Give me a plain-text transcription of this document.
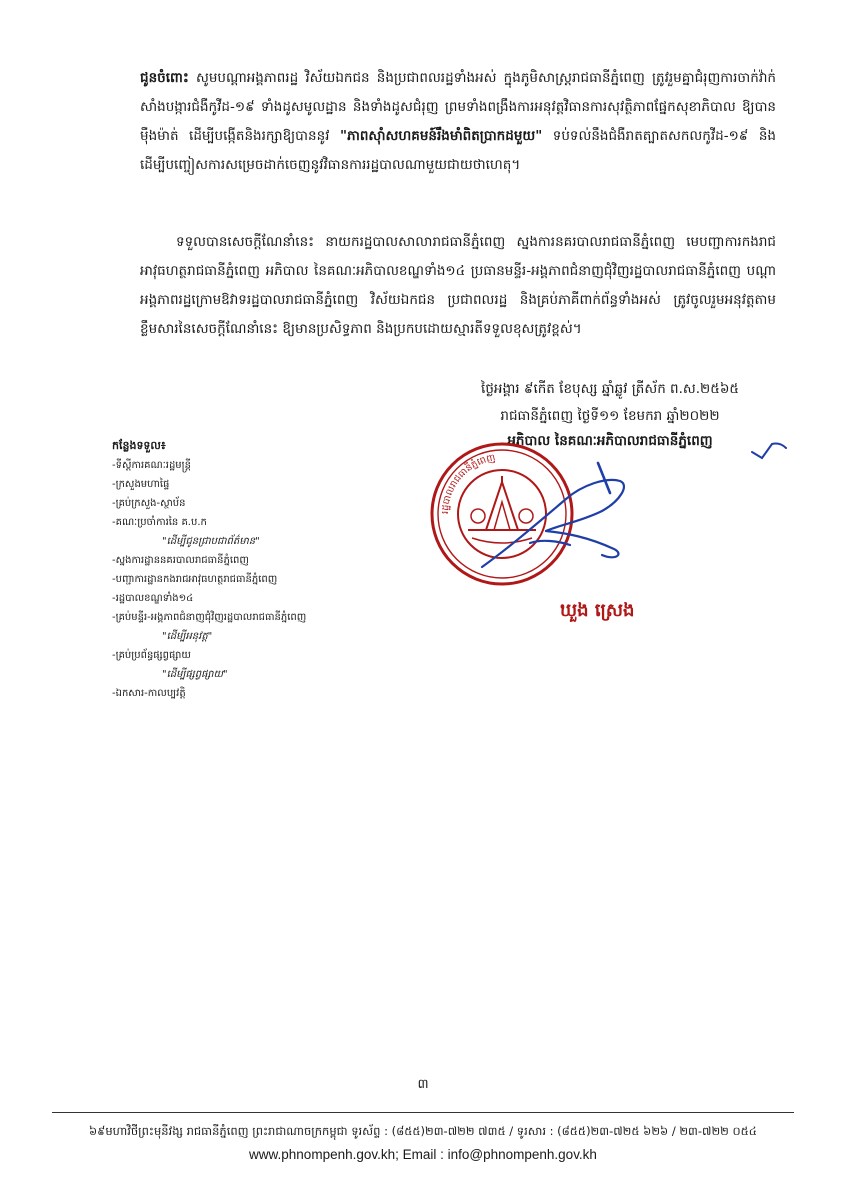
ជូនចំពោះ សូមបណ្តាអង្គភាពរដ្ឋ វិស័យឯកជន និងប្រជាពលរដ្ឋទាំងអស់ ក្នុងភូមិសាស្ត្ររាជធានីភ្នំពេញ ត្រូវរួមគ្នាជំរុញការចាក់វ៉ាក់សាំងបង្ការជំងឺកូវីដ-១៩ ទាំងដូសមូលដ្ឋាន និងទាំងដូសជំរុញ ព្រមទាំងពង្រឹងការអនុវត្តវិធានការសុវត្ថិភាពផ្នែកសុខាភិបាល ឱ្យបានម៉ឺងម៉ាត់ ដើម្បីបង្កើតនិងរក្សាឱ្យបាននូវ "ភាពស៊ាំសហគមន៍រឹងមាំពិតប្រាកដមួយ" ទប់ទល់នឹងជំងឺរាតត្បាតសកលកូវីដ-១៩ និងដើម្បីបញ្ចៀសការសម្រេចដាក់ចេញនូវវិធានការរដ្ឋបាលណាមួយជាយថាហេតុ។
ទទួលបានសេចក្តីណែនាំនេះ នាយករដ្ឋបាលសាលារាជធានីភ្នំពេញ ស្នងការនគរបាលរាជធានីភ្នំពេញ មេបញ្ជាការកងរាជអាវុធហត្ថរាជធានីភ្នំពេញ អភិបាល នៃគណៈអភិបាលខណ្ឌទាំង១៤ ប្រធានមន្ទីរ-អង្គភាពជំនាញជុំវិញរដ្ឋបាលរាជធានីភ្នំពេញ បណ្តាអង្គភាពរដ្ឋក្រោមឱវាទរដ្ឋបាលរាជធានីភ្នំពេញ វិស័យឯកជន ប្រជាពលរដ្ឋ និងគ្រប់ភាគីពាក់ព័ន្ធទាំងអស់ ត្រូវចូលរួមអនុវត្តតាមខ្លឹមសារនៃសេចក្តីណែនាំនេះ ឱ្យមានប្រសិទ្ធភាព និងប្រកបដោយស្មារតីទទួលខុសត្រូវខ្ពស់។
ថ្ងៃអង្គារ ៩កើត ខែបុស្ស ឆ្នាំឆ្លូវ ត្រីស័ក ព.ស.២៥៦៥
រាជធានីភ្នំពេញ ថ្ងៃទី១១ ខែមករា ឆ្នាំ២០២២
អភិបាល នៃគណៈអភិបាលរាជធានីភ្នំពេញ
កន្លែងទទួល៖
-ទីស្តីការគណៈរដ្ឋមន្ត្រី
-ក្រសួងមហាផ្ទៃ
-គ្រប់ក្រសួង-ស្ថាប័ន
-គណៈប្រចាំការនៃ គ.ប.ក
"ដើម្បីជូនជ្រាបជាព័ត៌មាន"
-ស្នងការដ្ឋាននគរបាលរាជធានីភ្នំពេញ
-បញ្ជាការដ្ឋានកងរាជអាវុធហត្ថរាជធានីភ្នំពេញ
-រដ្ឋបាលខណ្ឌទាំង១៤
-គ្រប់មន្ទីរ-អង្គភាពជំនាញជុំវិញរដ្ឋបាលរាជធានីភ្នំពេញ
"ដើម្បីអនុវត្ត"
-គ្រប់ប្រព័ន្ធផ្សព្វផ្សាយ
"ដើម្បីផ្សព្វផ្សាយ"
-ឯកសារ-កាលប្បវត្តិ
រដ្ឋបាលរាជធានីភ្នំពេញ
ឃួង ស្រេង
៣
៦៩មហាវិថីព្រះមុនីវង្ស រាជធានីភ្នំពេញ ព្រះរាជាណាចក្រកម្ពុជា ទូរស័ព្ទ : (៨៥៥)២៣-៧២២ ៧៣៥ / ទូរសារ : (៨៥៥)២៣-៧២៥ ៦២៦ / ២៣-៧២២ ០៥៤
www.phnompenh.gov.kh; Email : info@phnompenh.gov.kh
